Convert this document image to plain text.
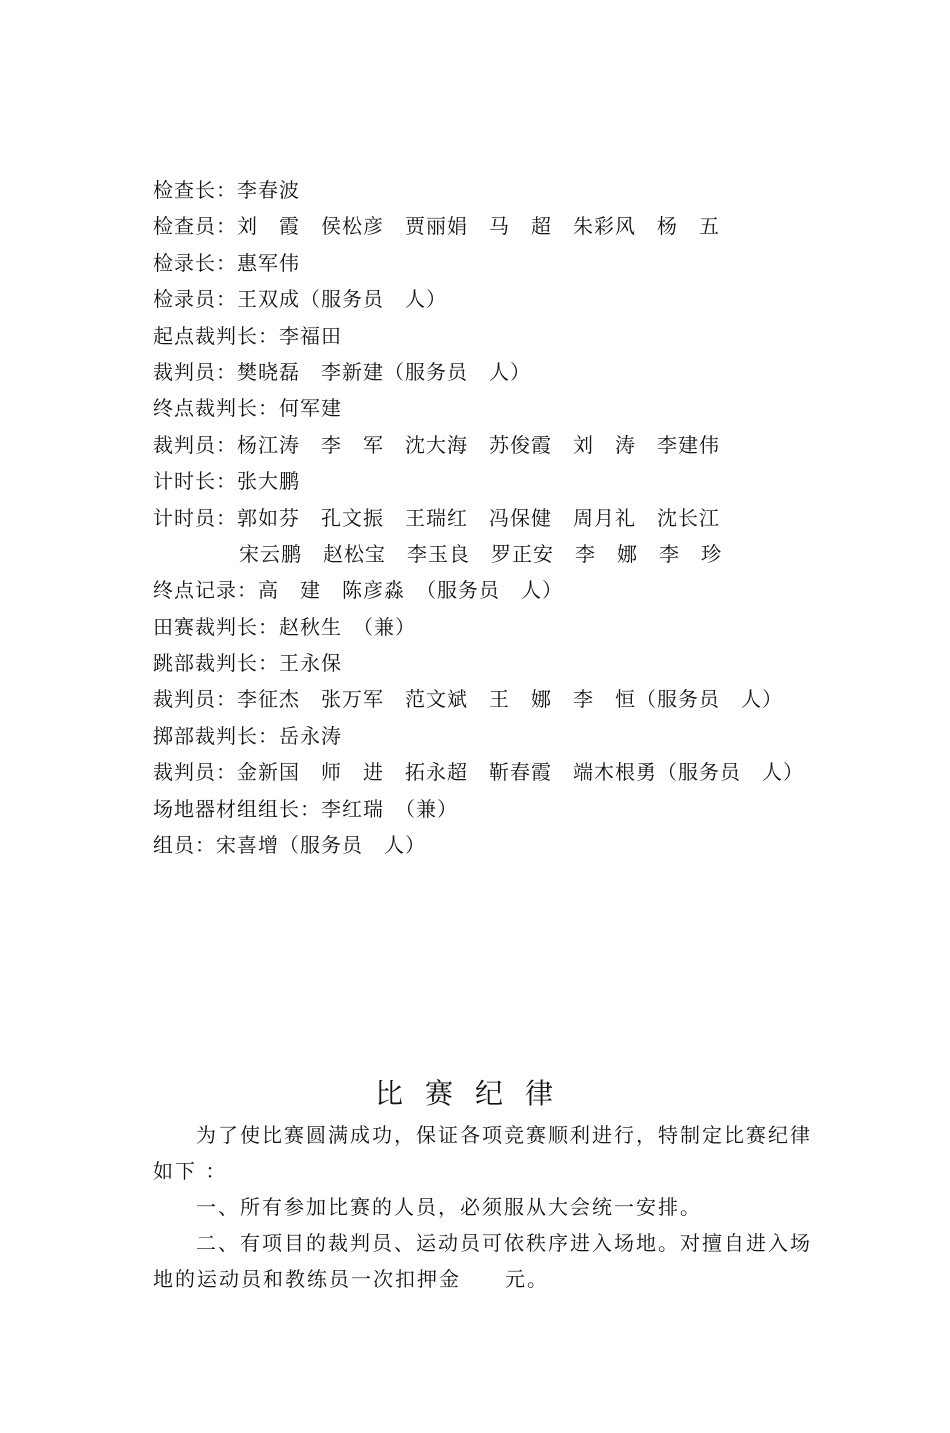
检查长：李春波
检查员：刘　霞　侯松彦　贾丽娟　马　超　朱彩风　杨　五
检录长：惠军伟
检录员：王双成（服务员　人）
起点裁判长：李福田
裁判员：樊晓磊　李新建（服务员　人）
终点裁判长：何军建
裁判员：杨江涛　李　军　沈大海　苏俊霞　刘　涛　李建伟
计时长：张大鹏
计时员：郭如芬　孔文振　王瑞红　冯保健　周月礼　沈长江
宋云鹏　赵松宝　李玉良　罗正安　李　娜　李　珍
终点记录：高　建　陈彦淼　（服务员　人）
田赛裁判长：赵秋生　（兼）
跳部裁判长：王永保
裁判员：李征杰　张万军　范文斌　王　娜　李　恒（服务员　人）
掷部裁判长：岳永涛
裁判员：金新国　师　进　拓永超　靳春霞　端木根勇（服务员　人）
场地器材组组长：李红瑞　（兼）
组员：宋喜增（服务员　人）
比赛纪律

为了使比赛圆满成功，保证各项竞赛顺利进行，特制定比赛纪律如下 ：

一、所有参加比赛的人员，必须服从大会统一安排。

二、有项目的裁判员、运动员可依秩序进入场地。对擅自进入场地的运动员和教练员一次扣押金　　元。
